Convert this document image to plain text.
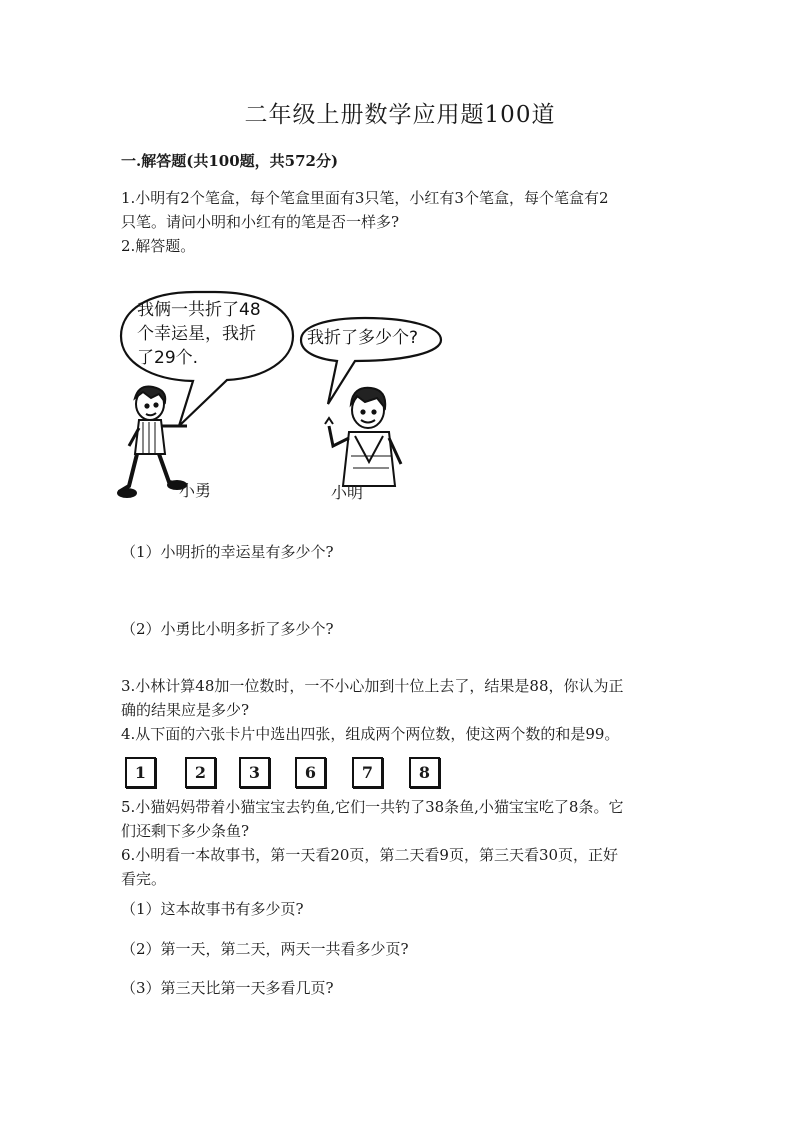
二年级上册数学应用题100道
一.解答题(共100题，共572分)
1.小明有2个笔盒，每个笔盒里面有3只笔，小红有3个笔盒，每个笔盒有2
只笔。请问小明和小红有的笔是否一样多?
2.解答题。
我俩一共折了48
个幸运星，我折
了29个.
我折了多少个?
小勇	小明
（1）小明折的幸运星有多少个?
（2）小勇比小明多折了多少个?
3.小林计算48加一位数时，一不小心加到十位上去了，结果是88，你认为正
确的结果应是多少?
4.从下面的六张卡片中选出四张，组成两个两位数，使这两个数的和是99。
1	2	3	6	7	8
5.小猫妈妈带着小猫宝宝去钓鱼,它们一共钓了38条鱼,小猫宝宝吃了8条。它
们还剩下多少条鱼?
6.小明看一本故事书，第一天看20页，第二天看9页，第三天看30页，正好
看完。
（1）这本故事书有多少页?
（2）第一天，第二天，两天一共看多少页?
（3）第三天比第一天多看几页?
